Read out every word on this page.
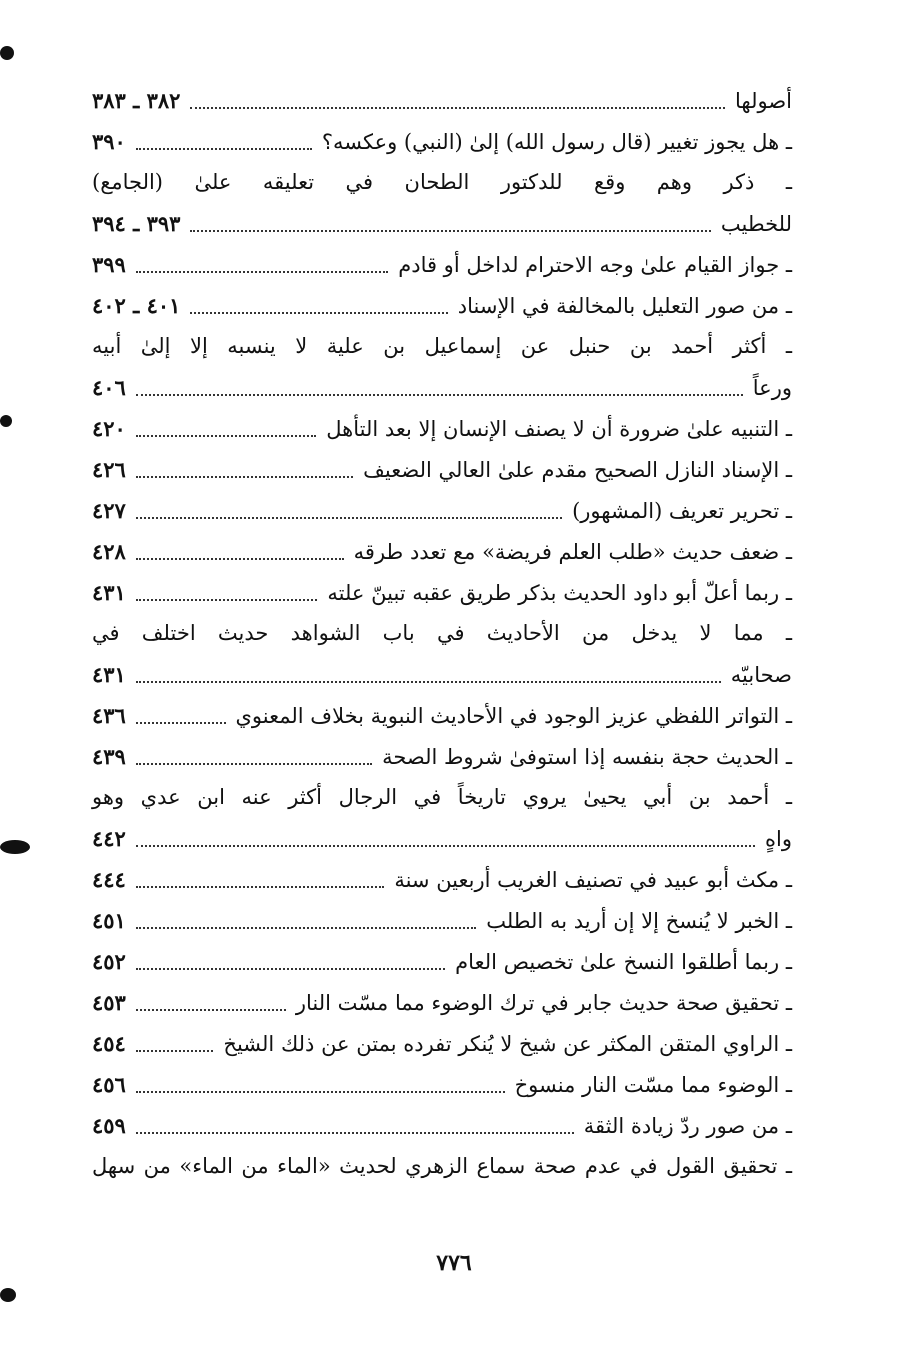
أصولها
٣٨٢ ـ ٣٨٣
ـ هل يجوز تغيير (قال رسول الله) إلىٰ (النبي) وعكسه؟
٣٩٠
ـ ذكر وهم وقع للدكتور الطحان في تعليقه علىٰ (الجامع)
للخطيب
٣٩٣ ـ ٣٩٤
ـ جواز القيام علىٰ وجه الاحترام لداخل أو قادم
٣٩٩
ـ من صور التعليل بالمخالفة في الإسناد
٤٠١ ـ ٤٠٢
ـ أكثر أحمد بن حنبل عن إسماعيل بن علية لا ينسبه إلا إلىٰ أبيه
ورعاً
٤٠٦
ـ التنبيه علىٰ ضرورة أن لا يصنف الإنسان إلا بعد التأهل
٤٢٠
ـ الإسناد النازل الصحيح مقدم علىٰ العالي الضعيف
٤٢٦
ـ تحرير تعريف (المشهور)
٤٢٧
ـ ضعف حديث «طلب العلم فريضة» مع تعدد طرقه
٤٢٨
ـ ربما أعلّ أبو داود الحديث بذكر طريق عقبه تبينّ علته
٤٣١
ـ مما لا يدخل من الأحاديث في باب الشواهد حديث اختلف في
صحابيّه
٤٣١
ـ التواتر اللفظي عزيز الوجود في الأحاديث النبوية بخلاف المعنوي
٤٣٦
ـ الحديث حجة بنفسه إذا استوفىٰ شروط الصحة
٤٣٩
ـ أحمد بن أبي يحيىٰ يروي تاريخاً في الرجال أكثر عنه ابن عدي وهو
واهٍ
٤٤٢
ـ مكث أبو عبيد في تصنيف الغريب أربعين سنة
٤٤٤
ـ الخبر لا يُنسخ إلا إن أريد به الطلب
٤٥١
ـ ربما أطلقوا النسخ علىٰ تخصيص العام
٤٥٢
ـ تحقيق صحة حديث جابر في ترك الوضوء مما مسّت النار
٤٥٣
ـ الراوي المتقن المكثر عن شيخ لا يُنكر تفرده بمتن عن ذلك الشيخ
٤٥٤
ـ الوضوء مما مسّت النار منسوخ
٤٥٦
ـ من صور ردّ زيادة الثقة
٤٥٩
ـ تحقيق القول في عدم صحة سماع الزهري لحديث «الماء من الماء» من سهل
٧٧٦
